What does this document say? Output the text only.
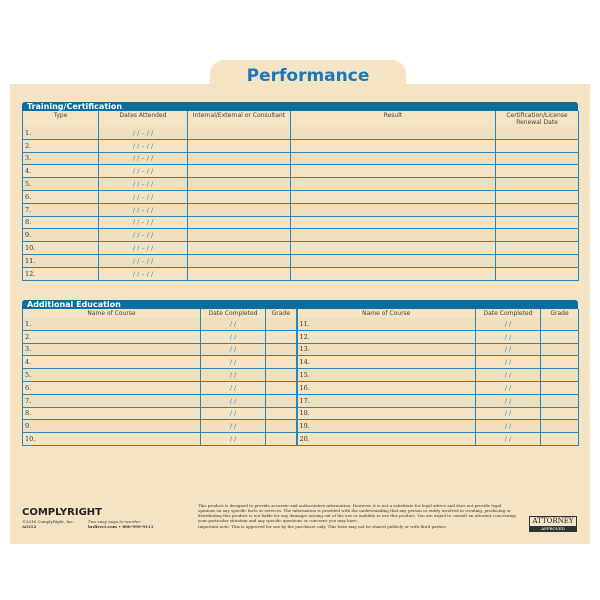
Performance
Training/Certification
Type	Dates Attended	Internal/External or Consultant	Result	Certification/License Renewal Date
1.	/ / – / /			
2.	/ / – / /			
3.	/ / – / /			
4.	/ / – / /			
5.	/ / – / /			
6.	/ / – / /			
7.	/ / – / /			
8.	/ / – / /			
9.	/ / – / /			
10.	/ / – / /			
11.	/ / – / /			
12.	/ / – / /			
Additional Education
Name of Course	Date Completed	Grade	Name of Course	Date Completed	Grade
1.	/ /		11.	/ /	
2.	/ /		12.	/ /	
3.	/ /		13.	/ /	
4.	/ /		14.	/ /	
5.	/ /		15.	/ /	
6.	/ /		16.	/ /	
7.	/ /		17.	/ /	
8.	/ /		18.	/ /	
9.	/ /		19.	/ /	
10.	/ /		20.	/ /	
COMPLYRIGHT
©2016 ComplyRight, Inc.
A0312
Two easy ways to reorder:
hrdirect.com • 800-999-9111
This product is designed to provide accurate and authoritative information. However, it is not a substitute for legal advice and does not provide legal opinions on any specific facts or services. The information is provided with the understanding that any person or entity involved in creating, producing or distributing this product is not liable for any damages arising out of the use or inability to use this product. You are urged to consult an attorney concerning your particular situation and any specific questions or concerns you may have.
Important note: This is approved for use by the purchaser only. This form may not be shared publicly or with third parties.
ATTORNEY
APPROVED
